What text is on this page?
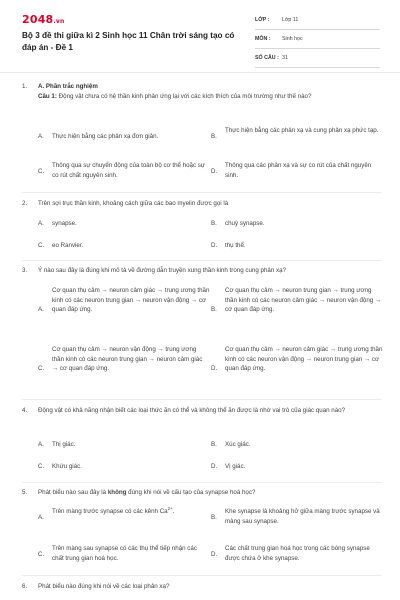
2048.vn
Bộ 3 đề thi giữa kì 2 Sinh học 11 Chân trời sáng tạo có đáp án - Đề 1
LỚP : Lớp 11
MÔN : Sinh học
SỐ CÂU : 31
1. A. Phần trắc nghiệm
Câu 1: Động vật chưa có hệ thần kinh phản ứng lại với các kích thích của môi trường như thế nào?
A. Thực hiện bằng các phản xạ đơn giản.	B.
Thực hiện bằng các phản xạ và cung phản xạ phức tạp.
C.
Thông qua sự chuyển động của toàn bộ cơ thể hoặc sự co rút chất nguyên sinh.	D.
Thông qua các phản xạ và sự co rút của chất nguyên sinh.
2. Trên sợi trục thần kinh, khoảng cách giữa các bao myelin được gọi là
A. synapse.	B. chuỳ synapse.
C. eo Ranvier.	D. thụ thể.
3. Ý nào sau đây là đúng khi mô tả về đường dẫn truyền xung thần kinh trong cung phản xạ?
A.
Cơ quan thụ cảm → neuron cảm giác → trung ương thần kinh có các neuron trung gian → neuron vận động → cơ quan đáp ứng.	B.
Cơ quan thụ cảm → neuron trung gian → trung ương thần kinh có các neuron cảm giác → neuron vận động → cơ quan đáp ứng.
C.
Cơ quan thụ cảm → neuron vận động → trung ương thần kinh có các neuron trung gian → neuron cảm giác → cơ quan đáp ứng.	D.
Cơ quan thụ cảm → neuron cảm giác → trung ương thần kinh có các neuron vận động → neuron trung gian → cơ quan đáp ứng.
4. Động vật có khả năng nhận biết các loại thức ăn có thể và không thể ăn được là nhờ vai trò của giác quan nào?
A. Thị giác.	B. Xúc giác.
C. Khứu giác.	D. Vị giác.
5. Phát biểu nào sau đây là không đúng khi nói về cấu tạo của synapse hoá học?
A.
Trên màng trước synapse có các kênh $Ca^{2+}$.
B.
Khe synapse là khoảng hở giữa màng trước synapse và màng sau synapse.
C.
Trên màng sau synapse có các thụ thể tiếp nhận các chất trung gian hoá học.	D.
Các chất trung gian hoá học trong các bóng synapse được chứa ở khe synapse.
6. Phát biểu nào đúng khi nói về các loại phản xạ?
